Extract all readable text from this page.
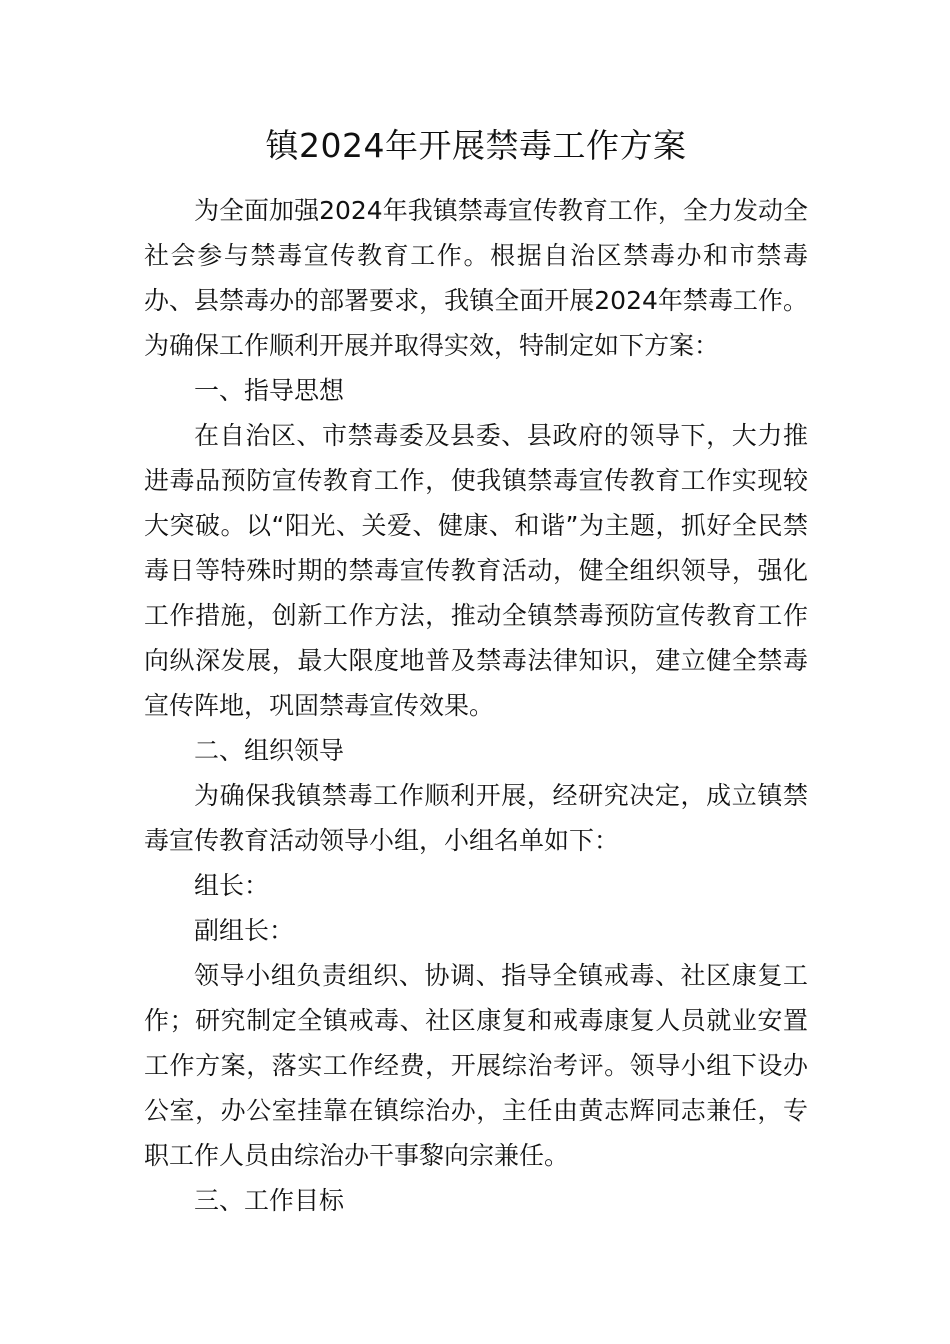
镇2024年开展禁毒工作方案

为全面加强2024年我镇禁毒宣传教育工作，全力发动全社会参与禁毒宣传教育工作。根据自治区禁毒办和市禁毒办、县禁毒办的部署要求，我镇全面开展2024年禁毒工作。为确保工作顺利开展并取得实效，特制定如下方案：

一、指导思想

在自治区、市禁毒委及县委、县政府的领导下，大力推进毒品预防宣传教育工作，使我镇禁毒宣传教育工作实现较大突破。以“阳光、关爱、健康、和谐”为主题，抓好全民禁毒日等特殊时期的禁毒宣传教育活动，健全组织领导，强化工作措施，创新工作方法，推动全镇禁毒预防宣传教育工作向纵深发展，最大限度地普及禁毒法律知识，建立健全禁毒宣传阵地，巩固禁毒宣传效果。

二、组织领导

为确保我镇禁毒工作顺利开展，经研究决定，成立镇禁毒宣传教育活动领导小组，小组名单如下：

组长：

副组长：

领导小组负责组织、协调、指导全镇戒毒、社区康复工作；研究制定全镇戒毒、社区康复和戒毒康复人员就业安置工作方案，落实工作经费，开展综治考评。领导小组下设办公室，办公室挂靠在镇综治办，主任由黄志辉同志兼任，专职工作人员由综治办干事黎向宗兼任。

三、工作目标
